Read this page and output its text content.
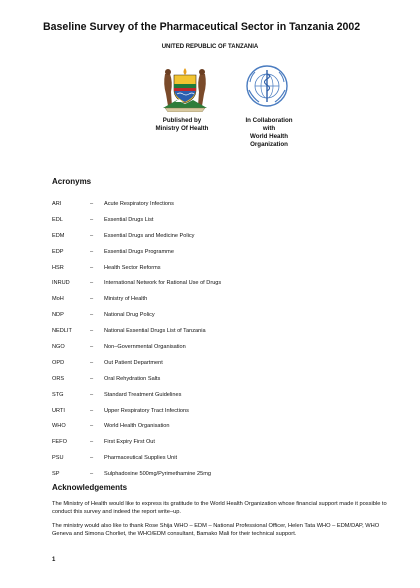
Baseline Survey of the Pharmaceutical Sector in Tanzania 2002
UNITED REPUBLIC OF TANZANIA
Published by
Ministry Of Health
In Collaboration
with
World Health
Organization
Acronyms
ARI	–	Acute Respiratory Infections
EDL	–	Essential Drugs List
EDM	–	Essential Drugs and Medicine Policy
EDP	–	Essential Drugs Programme
HSR	–	Health Sector Reforms
INRUD	–	International Network for Rational Use of Drugs
MoH	–	Ministry of Health
NDP	–	National Drug Policy
NEDLIT	–	National Essential Drugs List of Tanzania
NGO	–	Non–Governmental Organisation
OPD	–	Out Patient Department
ORS	–	Oral Rehydration Salts
STG	–	Standard Treatment Guidelines
URTI	–	Upper Respiratory Tract Infections
WHO	–	World Health Organisation
FEFO	–	First Expiry First Out
PSU	–	Pharmaceutical Supplies Unit
SP	–	Sulphadoxine 500mg/Pyrimethamine 25mg
Acknowledgements
The Ministry of Health would like to express its gratitude to the World Health Organization whose financial support made it possible to conduct this survey and indeed the report write–up.
The ministry would also like to thank Rose Shija WHO – EDM – National Professional Officer, Helen Tata WHO – EDM/DAP, WHO Geneva and Simona Chorliet, the WHO/EDM consultant, Bamako Mali for their technical support.
1
